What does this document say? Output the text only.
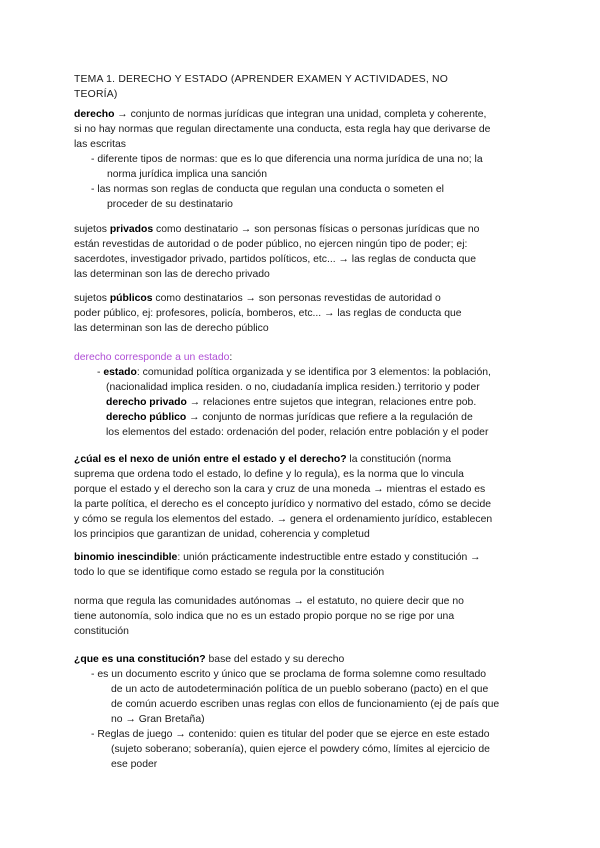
TEMA 1. DERECHO Y ESTADO (APRENDER EXAMEN Y ACTIVIDADES, NO
TEORÍA)
derecho → conjunto de normas jurídicas que integran una unidad, completa y coherente,
si no hay normas que regulan directamente una conducta, esta regla hay que derivarse de
las escritas
- diferente tipos de normas: que es lo que diferencia una norma jurídica de una no; la
norma jurídica implica una sanción
- las normas son reglas de conducta que regulan una conducta o someten el
proceder de su destinatario
sujetos privados como destinatario → son personas físicas o personas jurídicas que no
están revestidas de autoridad o de poder público, no ejercen ningún tipo de poder; ej:
sacerdotes, investigador privado, partidos políticos, etc... → las reglas de conducta que
las determinan son las de derecho privado
sujetos públicos como destinatarios → son personas revestidas de autoridad o
poder público, ej: profesores, policía, bomberos, etc... → las reglas de conducta que
las determinan son las de derecho público
derecho corresponde a un estado:
- estado: comunidad política organizada y se identifica por 3 elementos: la población,
(nacionalidad implica residen. o no, ciudadanía implica residen.) territorio y poder
derecho privado → relaciones entre sujetos que integran, relaciones entre pob.
derecho público → conjunto de normas jurídicas que refiere a la regulación de
los elementos del estado: ordenación del poder, relación entre población y el poder
¿cúal es el nexo de unión entre el estado y el derecho? la constitución (norma
suprema que ordena todo el estado, lo define y lo regula), es la norma que lo vincula
porque el estado y el derecho son la cara y cruz de una moneda → mientras el estado es
la parte política, el derecho es el concepto jurídico y normativo del estado, cómo se decide
y cómo se regula los elementos del estado. → genera el ordenamiento jurídico, establecen
los principios que garantizan de unidad, coherencia y completud
binomio inescindible: unión prácticamente indestructible entre estado y constitución →
todo lo que se identifique como estado se regula por la constitución
norma que regula las comunidades autónomas → el estatuto, no quiere decir que no
tiene autonomía, solo indica que no es un estado propio porque no se rige por una
constitución
¿que es una constitución? base del estado y su derecho
- es un documento escrito y único que se proclama de forma solemne como resultado
de un acto de autodeterminación política de un pueblo soberano (pacto) en el que
de común acuerdo escriben unas reglas con ellos de funcionamiento (ej de país que
no → Gran Bretaña)
- Reglas de juego → contenido: quien es titular del poder que se ejerce en este estado
(sujeto soberano; soberanía), quien ejerce el powdery cómo, límites al ejercicio de
ese poder
